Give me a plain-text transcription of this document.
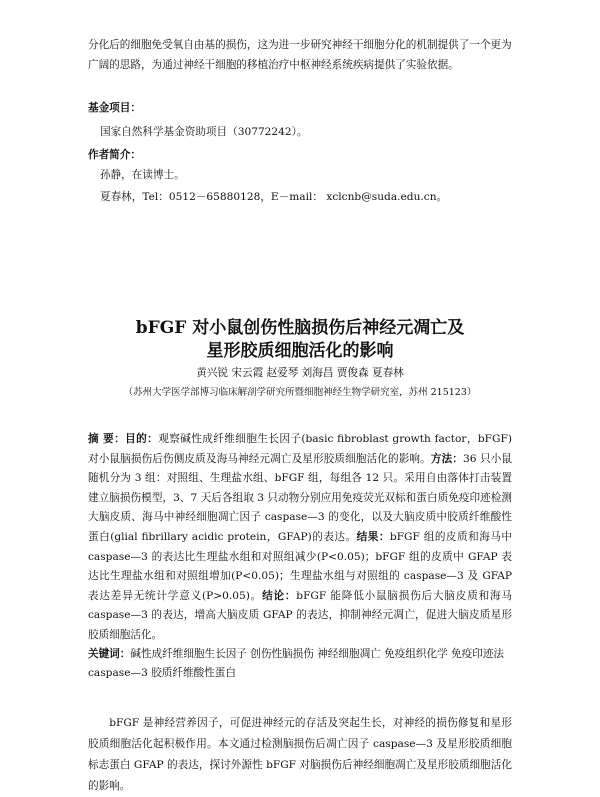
分化后的细胞免受氧自由基的损伤，这为进一步研究神经干细胞分化的机制提供了一个更为
广阔的思路，为通过神经干细胞的移植治疗中枢神经系统疾病提供了实验依据。
基金项目：
国家自然科学基金资助项目（30772242）。
作者简介：
孙静，在读博士。
夏春林，Tel：0512－65880128，E－mail： xclcnb@suda.edu.cn。
bFGF 对小鼠创伤性脑损伤后神经元凋亡及
星形胶质细胞活化的影响
黄兴锐 宋云霞 赵爱琴 刘海昌 贾俊森 夏春林
（苏州大学医学部博习临床解剖学研究所暨细胞神经生物学研究室，苏州 215123）
摘 要：目的：观察碱性成纤维细胞生长因子(basic fibroblast growth factor，bFGF)对小鼠脑损伤后伤侧皮质及海马神经元凋亡及星形胶质细胞活化的影响。方法：36 只小鼠随机分为 3 组：对照组、生理盐水组、bFGF 组，每组各 12 只。采用自由落体打击装置建立脑损伤模型，3、7 天后各组取 3 只动物分别应用免疫荧光双标和蛋白质免疫印迹检测大脑皮质、海马中神经细胞凋亡因子 caspase—3 的变化，以及大脑皮质中胶质纤维酸性蛋白(glial fibrillary acidic protein，GFAP)的表达。结果：bFGF 组的皮质和海马中 caspase—3 的表达比生理盐水组和对照组减少(P<0.05)；bFGF 组的皮质中 GFAP 表达比生理盐水组和对照组增加(P<0.05)；生理盐水组与对照组的 caspase—3 及 GFAP 表达差异无统计学意义(P>0.05)。结论：bFGF 能降低小鼠脑损伤后大脑皮质和海马 caspase—3 的表达，增高大脑皮质 GFAP 的表达，抑制神经元凋亡，促进大脑皮质星形胶质细胞活化。
关键词：碱性成纤维细胞生长因子 创伤性脑损伤 神经细胞凋亡 免疫组织化学 免疫印迹法 caspase—3 胶质纤维酸性蛋白
bFGF 是神经营养因子，可促进神经元的存活及突起生长，对神经的损伤修复和星形胶质细胞活化起积极作用。本文通过检测脑损伤后凋亡因子 caspase—3 及星形胶质细胞标志蛋白 GFAP 的表达，探讨外源性 bFGF 对脑损伤后神经细胞凋亡及星形胶质细胞活化的影响。
